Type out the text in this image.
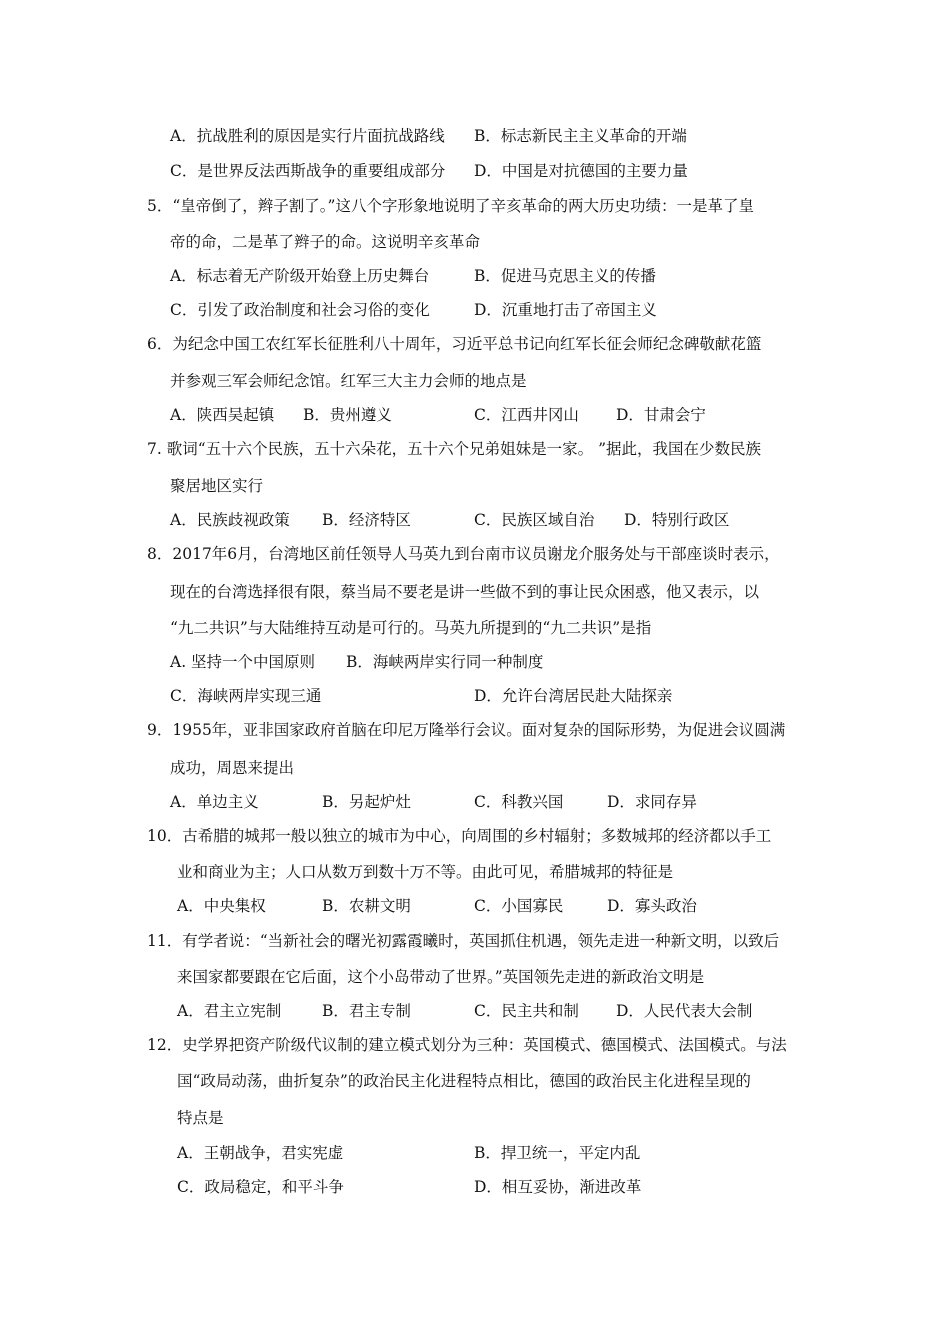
A．抗战胜利的原因是实行片面抗战路线 B．标志新民主主义革命的开端
C．是世界反法西斯战争的重要组成部分 D．中国是对抗德国的主要力量
5．“皇帝倒了，辫子割了。”这八个字形象地说明了辛亥革命的两大历史功绩：一是革了皇
帝的命，二是革了辫子的命。这说明辛亥革命
A．标志着无产阶级开始登上历史舞台	B．促进马克思主义的传播
C．引发了政治制度和社会习俗的变化	D．沉重地打击了帝国主义
6．为纪念中国工农红军长征胜利八十周年，习近平总书记向红军长征会师纪念碑敬献花篮
并参观三军会师纪念馆。红军三大主力会师的地点是
A．陕西吴起镇 B．贵州遵义	C．江西井冈山 D．甘肃会宁
7. 歌词“五十六个民族，五十六朵花，五十六个兄弟姐妹是一家。 ”据此，我国在少数民族
聚居地区实行
A．民族歧视政策 B．经济特区	C．民族区域自治 D．特别行政区
8．2017年6月，台湾地区前任领导人马英九到台南市议员谢龙介服务处与干部座谈时表示，
现在的台湾选择很有限，蔡当局不要老是讲一些做不到的事让民众困惑，他又表示，以
“九二共识”与大陆维持互动是可行的。马英九所提到的“九二共识”是指
A. 坚持一个中国原则 B．海峡两岸实行同一种制度
C．海峡两岸实现三通	D．允许台湾居民赴大陆探亲
9．1955年，亚非国家政府首脑在印尼万隆举行会议。面对复杂的国际形势，为促进会议圆满
成功，周恩来提出
A．单边主义	B．另起炉灶	C．科教兴国	D．求同存异
10．古希腊的城邦一般以独立的城市为中心，向周围的乡村辐射；多数城邦的经济都以手工
业和商业为主；人口从数万到数十万不等。由此可见，希腊城邦的特征是
A．中央集权	B．农耕文明	C．小国寡民	D．寡头政治
11．有学者说：“当新社会的曙光初露霞曦时，英国抓住机遇，领先走进一种新文明，以致后
来国家都要跟在它后面，这个小岛带动了世界。”英国领先走进的新政治文明是
A．君主立宪制	B．君主专制	C．民主共和制 D．人民代表大会制
12．史学界把资产阶级代议制的建立模式划分为三种：英国模式、德国模式、法国模式。与法
国“政局动荡，曲折复杂”的政治民主化进程特点相比，德国的政治民主化进程呈现的
特点是
A．王朝战争，君实宪虚	B．捍卫统一，平定内乱
C．政局稳定，和平斗争	D．相互妥协，渐进改革
